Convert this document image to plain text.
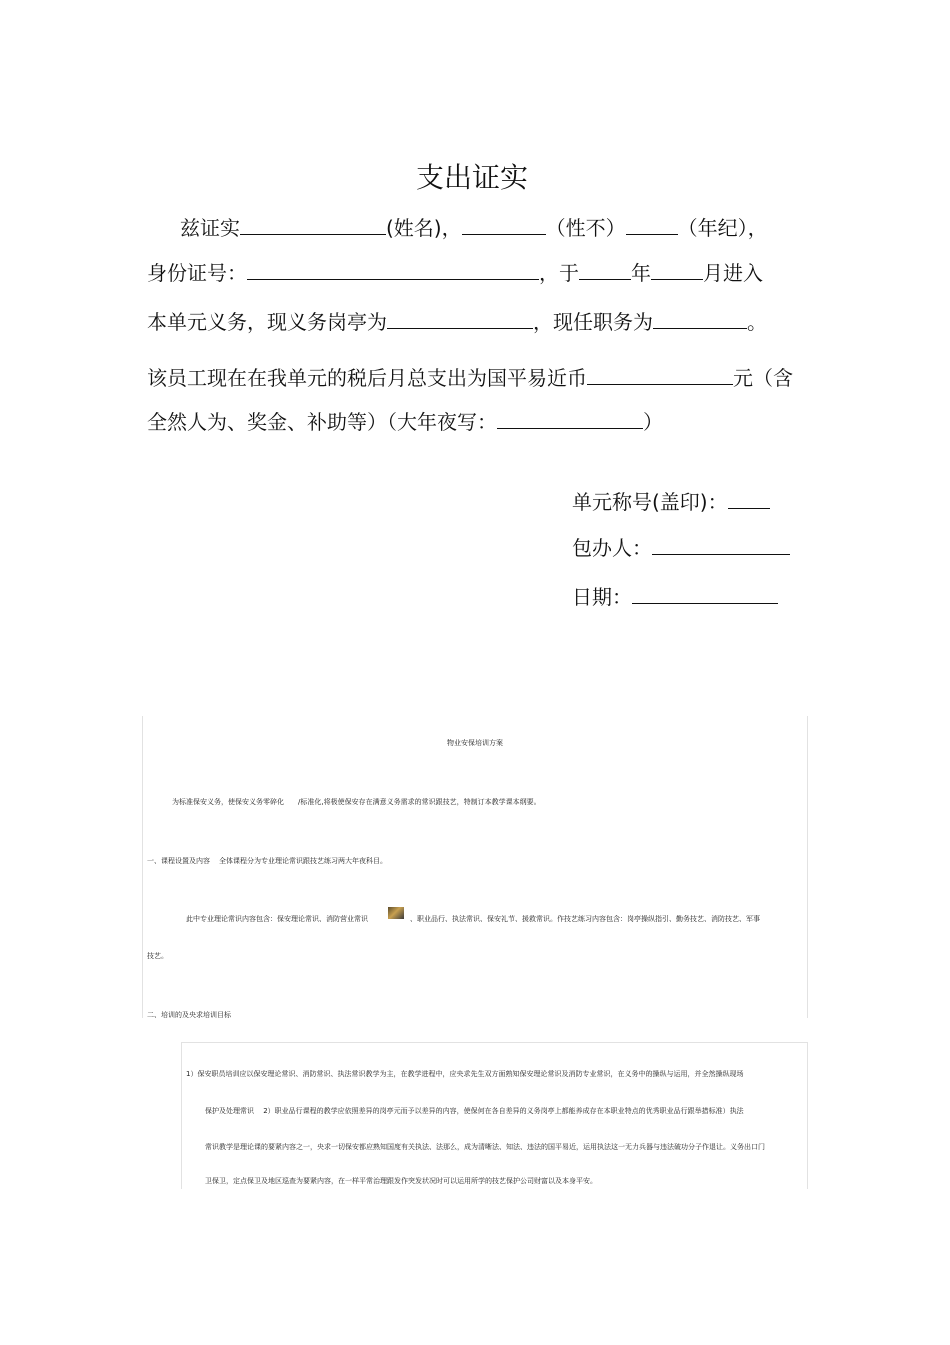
支出证实
兹证实	(姓名)，	（性不）	（年纪），
身份证号：	，于	年	月进入
本单元义务，现义务岗亭为	，现任职务为	。
该员工现在在我单元的税后月总支出为国平易近币	元（含
全然人为、奖金、补助等）（大年夜写：	）
单元称号(盖印)：
包办人：
日期：
物业安保培训方案
为标准保安义务，使保安义务零碎化 /标准化,将极使保安存在满意义务需求的常识跟技艺，特制订本教学课本纲要。
一、课程设置及内容 全体课程分为专业理论常识跟技艺练习两大年夜科目。
此中专业理论常识内容包含：保安理论常识、消防营业常识	、职业品行、执法常识、保安礼节、援救常识。作技艺练习内容包含：岗亭操纵指引、勤务技艺、消防技艺、军事
技艺。
二、培训的及央求培训目标
1）保安职员培训应以保安理论常识、消防常识、执法常识教学为主，在教学进程中，应央求先生双方面熟知保安理论常识及消防专业常识，在义务中的操纵与运用，并全然操纵现场
保护及处理常识　 2）职业品行课程的教学应依照差异的岗亭元而予以差异的内容，使保何在各自差异的义务岗亭上都能养成存在本职业特点的优秀职业品行跟举措标准）执法
常识教学是理论课的要紧内容之一，央求一切保安都应熟知国度有关执法、法那么，成为清晰法、知法、违法的国平易近，运用执法这一无力兵器与违法破功分子作退让。义务出口门
卫保卫，定点保卫及地区巡查为要紧内容，在一样平常治理跟发作突发状况时可以运用所学的技艺保护公司财富以及本身平安。
